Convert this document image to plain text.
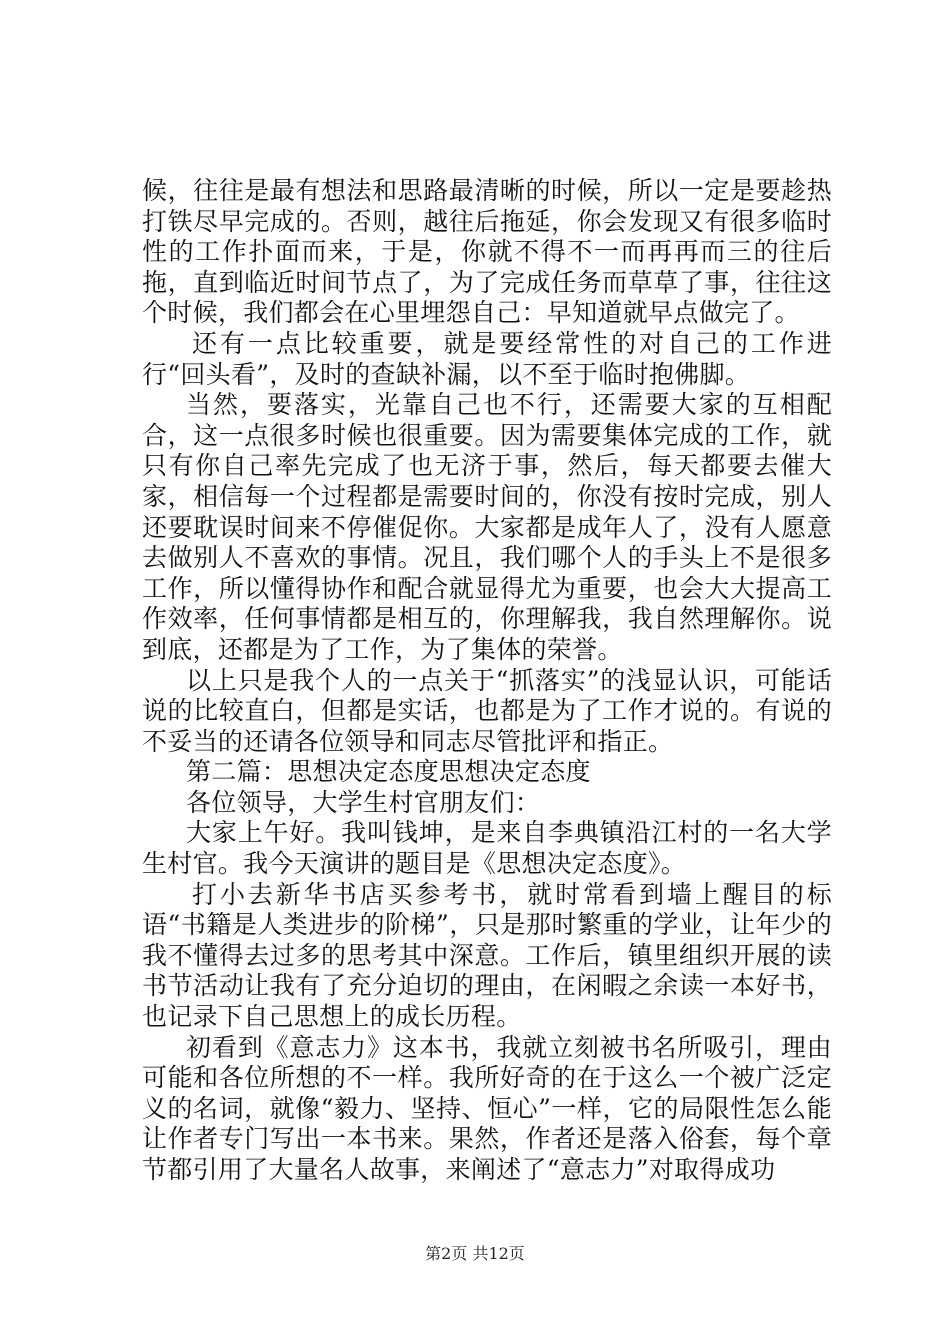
候，往往是最有想法和思路最清晰的时候，所以一定是要趁热打铁尽早完成的。否则，越往后拖延，你会发现又有很多临时性的工作扑面而来，于是，你就不得不一而再再而三的往后拖，直到临近时间节点了，为了完成任务而草草了事，往往这个时候，我们都会在心里埋怨自己：早知道就早点做完了。

还有一点比较重要，就是要经常性的对自己的工作进行“回头看”，及时的查缺补漏，以不至于临时抱佛脚。

当然，要落实，光靠自己也不行，还需要大家的互相配合，这一点很多时候也很重要。因为需要集体完成的工作，就只有你自己率先完成了也无济于事，然后，每天都要去催大家，相信每一个过程都是需要时间的，你没有按时完成，别人还要耽误时间来不停催促你。大家都是成年人了，没有人愿意去做别人不喜欢的事情。况且，我们哪个人的手头上不是很多工作，所以懂得协作和配合就显得尤为重要，也会大大提高工作效率，任何事情都是相互的，你理解我，我自然理解你。说到底，还都是为了工作，为了集体的荣誉。

以上只是我个人的一点关于“抓落实”的浅显认识，可能话说的比较直白，但都是实话，也都是为了工作才说的。有说的不妥当的还请各位领导和同志尽管批评和指正。

第二篇：思想决定态度思想决定态度

各位领导，大学生村官朋友们：

大家上午好。我叫钱坤，是来自李典镇沿江村的一名大学生村官。我今天演讲的题目是《思想决定态度》。

打小去新华书店买参考书，就时常看到墙上醒目的标语“书籍是人类进步的阶梯”，只是那时繁重的学业，让年少的我不懂得去过多的思考其中深意。工作后，镇里组织开展的读书节活动让我有了充分迫切的理由，在闲暇之余读一本好书，也记录下自己思想上的成长历程。

初看到《意志力》这本书，我就立刻被书名所吸引，理由可能和各位所想的不一样。我所好奇的在于这么一个被广泛定义的名词，就像“毅力、坚持、恒心”一样，它的局限性怎么能让作者专门写出一本书来。果然，作者还是落入俗套，每个章节都引用了大量名人故事，来阐述了“意志力”对取得成功

第2页 共12页
